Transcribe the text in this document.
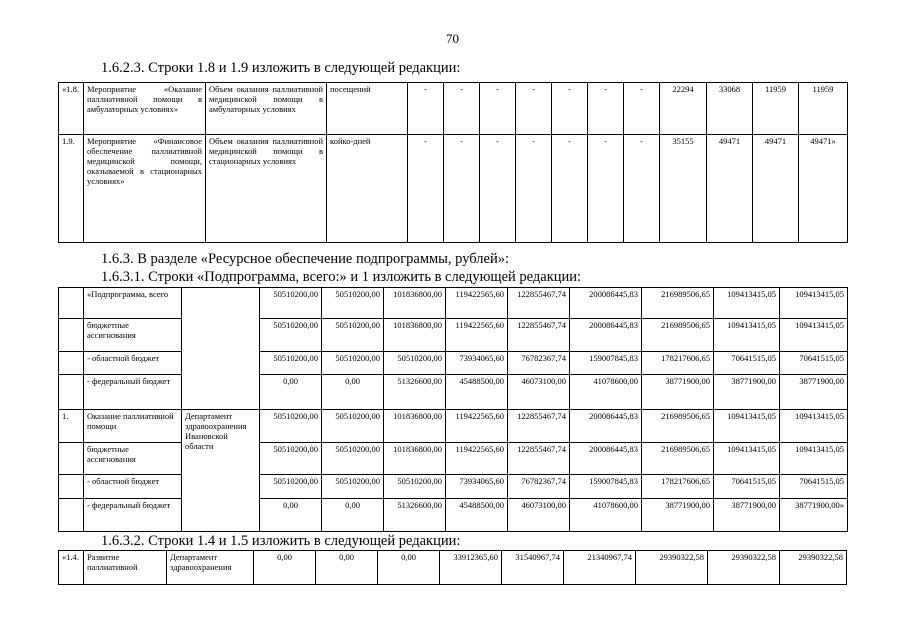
70
1.6.2.3. Строки 1.8 и 1.9 изложить в следующей редакции:
«1.8.	Мероприятие «Оказание паллиативной помощи в амбулаторных условиях»	Объем оказания паллиативной медицинской помощи в амбулаторных условиях	посещений	-	-	-	-	-	-	-	22294	33068	11959	11959
1.9.	Мероприятие «Финансовое обеспечение паллиативной медицинской помощи, оказываемой в стационарных условиях»	Объем оказания паллиативной медицинской помощи в стационарных условиях	койко-дней	-	-	-	-	-	-	-	35155	49471	49471	49471»
1.6.3. В разделе «Ресурсное обеспечение подпрограммы, рублей»:
1.6.3.1. Строки «Подпрограмма, всего:» и 1 изложить в следующей редакции:
	«Подпрограмма, всего		50510200,00	50510200,00	101836800,00	119422565,60	122855467,74	200086445,83	216989506,65	109413415,05	109413415,05
	бюджетные ассигнования		50510200,00	50510200,00	101836800,00	119422565,60	122855467,74	200086445,83	216989506,65	109413415,05	109413415,05
	- областной бюджет		50510200,00	50510200,00	50510200,00	73934065,60	76782367,74	159007845,83	178217606,65	70641515,05	70641515,05
	- федеральный бюджет		0,00	0,00	51326600,00	45488500,00	46073100,00	41078600,00	38771900,00	38771900,00	38771900,00
1.	Оказание паллиативной помощи	Департамент здравоохранения Ивановской области	50510200,00	50510200,00	101836800,00	119422565,60	122855467,74	200086445,83	216989506,65	109413415,05	109413415,05
	бюджетные ассигнования		50510200,00	50510200,00	101836800,00	119422565,60	122855467,74	200086445,83	216989506,65	109413415,05	109413415,05
	- областной бюджет		50510200,00	50510200,00	50510200,00	73934065,60	76782367,74	159007845,83	178217606,65	70641515,05	70641515,05
	- федеральный бюджет		0,00	0,00	51326600,00	45488500,00	46073100,00	41078600,00	38771900,00	38771900,00	38771900,00»
1.6.3.2. Строки 1.4 и 1.5 изложить в следующей редакции:
«1.4.	Развитие паллиативной	Департамент здравоохранения	0,00	0,00	0,00	33912365,60	31540967,74	21340967,74	29390322,58	29390322,58	29390322,58
